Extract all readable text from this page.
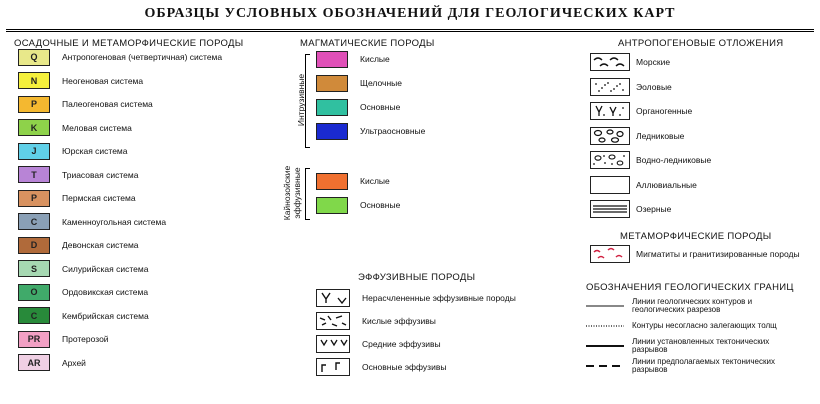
ОБРАЗЦЫ УСЛОВНЫХ ОБОЗНАЧЕНИЙ ДЛЯ ГЕОЛОГИЧЕСКИХ КАРТ
ОСАДОЧНЫЕ И МЕТАМОРФИЧЕСКИЕ ПОРОДЫ	МАГМАТИЧЕСКИЕ ПОРОДЫ
Интрузивные
Кайнозойские эффузивные
ЭФФУЗИВНЫЕ ПОРОДЫ
АНТРОПОГЕНОВЫЕ ОТЛОЖЕНИЯ
МЕТАМОРФИЧЕСКИЕ ПОРОДЫ
Мигматиты и гранитизированные породы
ОБОЗНАЧЕНИЯ ГЕОЛОГИЧЕСКИХ ГРАНИЦ
Q	Антропогеновая (четвертичная) система
N	Неогеновая система
P	Палеогеновая система
K	Меловая система
J	Юрская система
T	Триасовая система
P	Пермская система
C	Каменноугольная система
D	Девонская система
S	Силурийская система
O	Ордовикская система
C	Кембрийская система
PR	Протерозой
AR	Архей
Кислые
Щелочные
Основные
Ультраосновные
Кислые
Основные
Нерасчлененные эффузивные породы
Кислые эффузивы
Средние эффузивы
Основные эффузивы
Морские
Эоловые
Органогенные
Ледниковые
Водно-ледниковые
Аллювиальные
Озерные
Линии геологических контуров и
геологических разрезов
Контуры несогласно залегающих толщ
Линии установленных тектонических
разрывов
Линии предполагаемых тектонических
разрывов
